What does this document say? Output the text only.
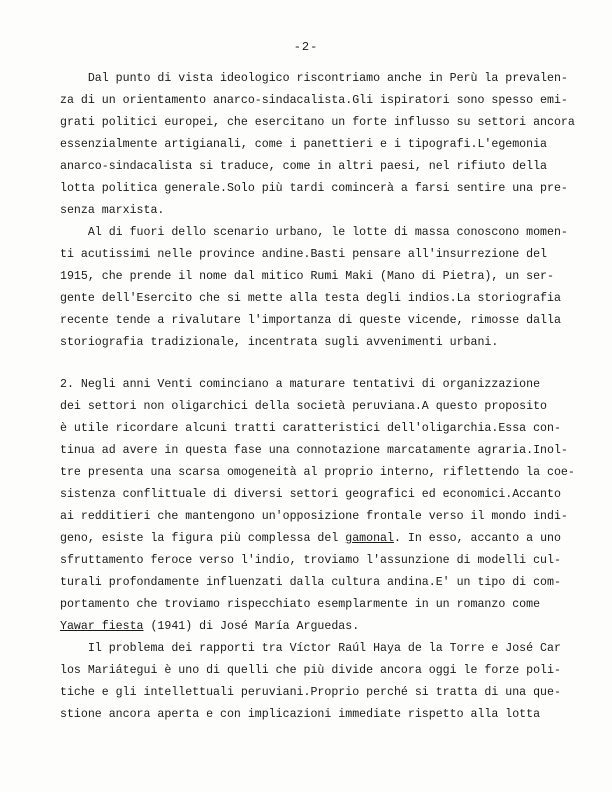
-2-
Dal punto di vista ideologico riscontriamo anche in Perù la prevalen-
za di un orientamento anarco-sindacalista.Gli ispiratori sono spesso emi-
grati politici europei, che esercitano un forte influsso su settori ancora
essenzialmente artigianali, come i panettieri e i tipografi.L'egemonia
anarco-sindacalista si traduce, come in altri paesi, nel rifiuto della
lotta politica generale.Solo più tardi comincerà a farsi sentire una pre-
senza marxista.
Al di fuori dello scenario urbano, le lotte di massa conoscono momen-
ti acutissimi nelle province andine.Basti pensare all'insurrezione del
1915, che prende il nome dal mitico Rumi Maki (Mano di Pietra), un ser-
gente dell'Esercito che si mette alla testa degli indios.La storiografia
recente tende a rivalutare l'importanza di queste vicende, rimosse dalla
storiografia tradizionale, incentrata sugli avvenimenti urbani.
2. Negli anni Venti cominciano a maturare tentativi di organizzazione
dei settori non oligarchici della società peruviana.A questo proposito
è utile ricordare alcuni tratti caratteristici dell'oligarchia.Essa con-
tinua ad avere in questa fase una connotazione marcatamente agraria.Inol-
tre presenta una scarsa omogeneità al proprio interno, riflettendo la coe-
sistenza conflittuale di diversi settori geografici ed economici.Accanto
ai redditieri che mantengono un'opposizione frontale verso il mondo indi-
geno, esiste la figura più complessa del gamonal. In esso, accanto a uno
sfruttamento feroce verso l'indio, troviamo l'assunzione di modelli cul-
turali profondamente influenzati dalla cultura andina.E' un tipo di com-
portamento che troviamo rispecchiato esemplarmente in un romanzo come
Yawar fiesta (1941) di José María Arguedas.
Il problema dei rapporti tra Víctor Raúl Haya de la Torre e José Car
los Mariátegui è uno di quelli che più divide ancora oggi le forze poli-
tiche e gli intellettuali peruviani.Proprio perché si tratta di una que-
stione ancora aperta e con implicazioni immediate rispetto alla lotta
